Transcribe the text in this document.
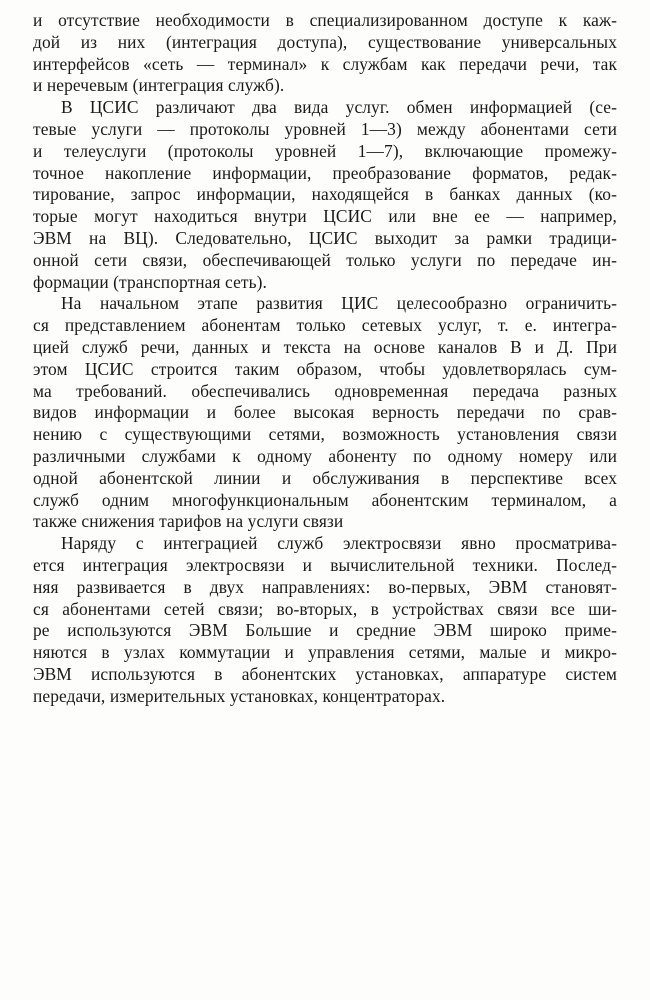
и отсутствие необходимости в специализированном доступе к каж-
дой из них (интеграция доступа), существование универсальных
интерфейсов «сеть — терминал» к службам как передачи речи, так
и неречевым (интеграция служб).
В ЦСИС различают два вида услуг. обмен информацией (се-
тевые услуги — протоколы уровней 1—3) между абонентами сети
и телеуслуги (протоколы уровней 1—7), включающие промежу-
точное накопление информации, преобразование форматов, редак-
тирование, запрос информации, находящейся в банках данных (ко-
торые могут находиться внутри ЦСИС или вне ее — например,
ЭВМ на ВЦ). Следовательно, ЦСИС выходит за рамки традици-
онной сети связи, обеспечивающей только услуги по передаче ин-
формации (транспортная сеть).
На начальном этапе развития ЦИС целесообразно ограничить-
ся представлением абонентам только сетевых услуг, т. е. интегра-
цией служб речи, данных и текста на основе каналов В и Д. При
этом ЦСИС строится таким образом, чтобы удовлетворялась сум-
ма требований. обеспечивались одновременная передача разных
видов информации и более высокая верность передачи по срав-
нению с существующими сетями, возможность установления связи
различными службами к одному абоненту по одному номеру или
одной абонентской линии и обслуживания в перспективе всех
служб одним многофункциональным абонентским терминалом, а
также снижения тарифов на услуги связи
Наряду с интеграцией служб электросвязи явно просматрива-
ется интеграция электросвязи и вычислительной техники. Послед-
няя развивается в двух направлениях: во-первых, ЭВМ становят-
ся абонентами сетей связи; во-вторых, в устройствах связи все ши-
ре используются ЭВМ Большие и средние ЭВМ широко приме-
няются в узлах коммутации и управления сетями, малые и микро-
ЭВМ используются в абонентских установках, аппаратуре систем
передачи, измерительных установках, концентраторах.
